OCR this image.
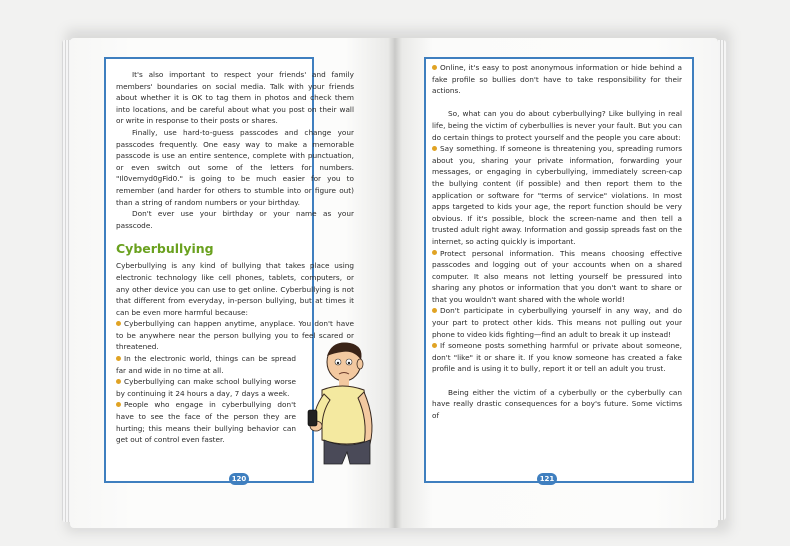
It's also important to respect your friends' and family members' boundaries on social media. Talk with your friends about whether it is OK to tag them in photos and check them into locations, and be careful about what you post on their wall or write in response to their posts or shares.

Finally, use hard-to-guess passcodes and change your passcodes frequently. One easy way to make a memorable passcode is use an entire sentence, complete with punctuation, or even switch out some of the letters for numbers. "Il0vemyd0gFid0." is going to be much easier for you to remember (and harder for others to stumble into or figure out) than a string of random numbers or your birthday.

Don't ever use your birthday or your name as your passcode.

Cyberbullying

Cyberbullying is any kind of bullying that takes place using electronic technology like cell phones, tablets, computers, or any other device you can use to get online. Cyberbullying is not that different from everyday, in-person bullying, but at times it can be even more harmful because:

Cyberbullying can happen anytime, anyplace. You don't have to be anywhere near the person bullying you to feel scared or threatened.

In the electronic world, things can be spread far and wide in no time at all.

Cyberbullying can make school bullying worse by continuing it 24 hours a day, 7 days a week.

People who engage in cyberbullying don't have to see the face of the person they are hurting; this means their bullying behavior can get out of control even faster.

Online, it's easy to post anonymous information or hide behind a fake profile so bullies don't have to take responsibility for their actions.

So, what can you do about cyberbullying? Like bullying in real life, being the victim of cyberbullies is never your fault. But you can do certain things to protect yourself and the people you care about:

Say something. If someone is threatening you, spreading rumors about you, sharing your private information, forwarding your messages, or engaging in cyberbullying, immediately screen-cap the bullying content (if possible) and then report them to the application or software for "terms of service" violations. In most apps targeted to kids your age, the report function should be very obvious. If it's possible, block the screen-name and then tell a trusted adult right away. Information and gossip spreads fast on the internet, so acting quickly is important.

Protect personal information. This means choosing effective passcodes and logging out of your accounts when on a shared computer. It also means not letting yourself be pressured into sharing any photos or information that you don't want to share or that you wouldn't want shared with the whole world!

Don't participate in cyberbullying yourself in any way, and do your part to protect other kids. This means not pulling out your phone to video kids fighting—find an adult to break it up instead!

If someone posts something harmful or private about someone, don't "like" it or share it. If you know someone has created a fake profile and is using it to bully, report it or tell an adult you trust.

Being either the victim of a cyberbully or the cyberbully can have really drastic consequences for a boy's future. Some victims of

120	121
